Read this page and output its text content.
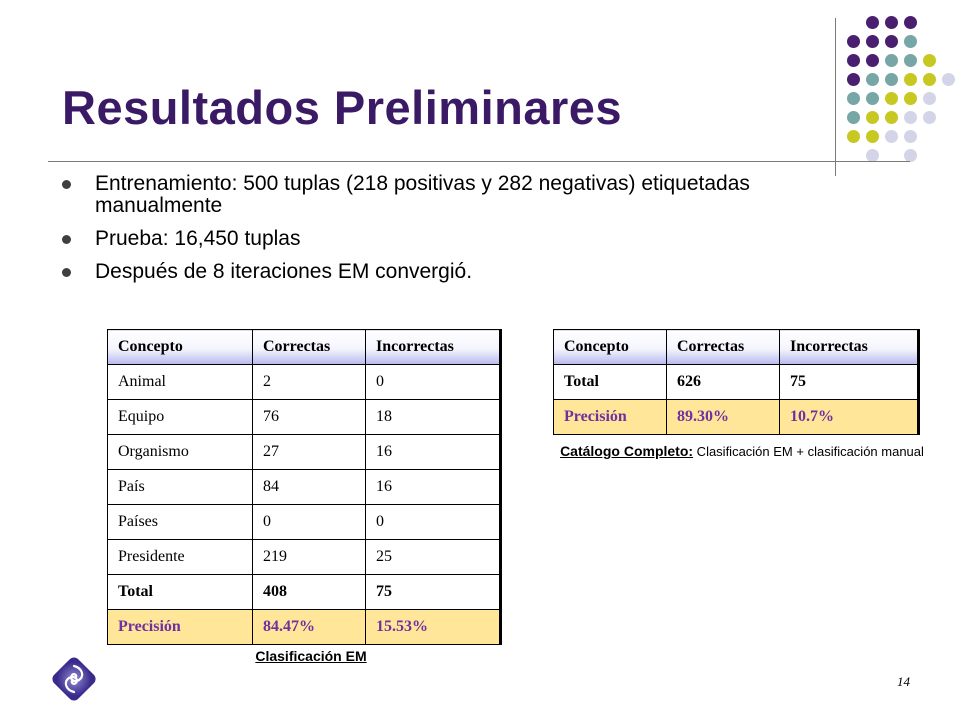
Resultados Preliminares
Entrenamiento: 500 tuplas (218 positivas y 282 negativas) etiquetadas manualmente
Prueba: 16,450 tuplas
Después de 8 iteraciones EM convergió.
Concepto	Correctas	Incorrectas
Animal	2	0
Equipo	76	18
Organismo	27	16
País	84	16
Países	0	0
Presidente	219	25
Total	408	75
Precisión	84.47%	15.53%
Clasificación EM
Concepto	Correctas	Incorrectas
Total	626	75
Precisión	89.30%	10.7%
Catálogo Completo: Clasificación EM + clasificación manual
14
